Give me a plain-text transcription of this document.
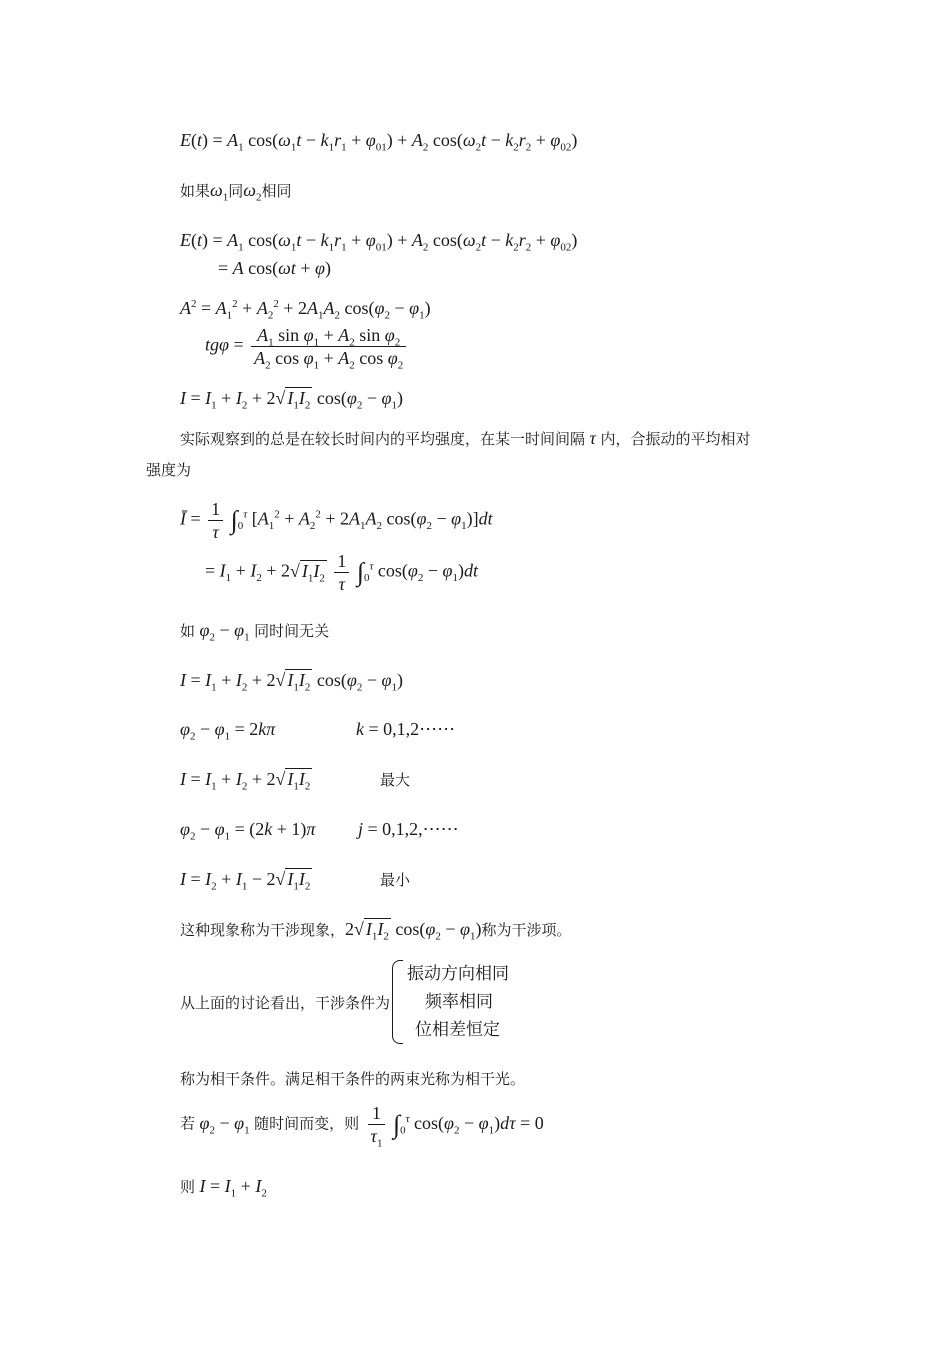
$E(t) = A_1$ $\cos(\omega_1t - k_1r_1 + \varphi_{01}) + A_2$ $\cos(\omega_2t - k_2r_2 + \varphi_{02})$
如果$\omega_1$同$\omega_2$相同
$E(t) = A_1$ $\cos(\omega_1t - k_1r_1 + \varphi_{01}) + A_2$ $\cos(\omega_2t - k_2r_2 + \varphi_{02})$
= A cos(ωt + φ)
$A^2 = A_1^2 + A_2^2 + 2A_1A_2$ $\cos(\varphi_2 - \varphi_1)$
$tg\varphi = \frac{A_1 \sin \varphi_1 + A_2 \sin \varphi_2}{A_2 \cos \varphi_1 + A_2 \cos \varphi_2}$
$I = I_1 + I_2 + 2√$ $I_1I_2$ $\cos(\varphi_2 - \varphi_1)$
实际观察到的总是在较长时间内的平均强度，在某一时间间隔 τ 内，合振动的平均相对
强度为
Ī = $\frac{1}{\tau} \int_0^\tau$ [$A_1^2 + A_2^2 + 2A_1A_2$ $\cos(\varphi_2 - \varphi_1)]dt$
= $I_1 + I_2 + 2√$ $I_1I_2 \frac{1}{\tau} \int_0^\tau$ $\cos(\varphi_2 - \varphi_1)dt$
如 $\varphi_2 - \varphi_1$ 同时间无关
$I = I_1 + I_2 + 2√$ $I_1I_2$ $\cos(\varphi_2 - \varphi_1)$
$\varphi_2 - \varphi_1 = 2k\pi$	k = 0,1,2⋯⋯
$I = I_1 + I_2 + 2√$ $I_1I_2$	最大
$\varphi_2 - \varphi_1 = (2k + 1)\pi$ j = 0,1,2,⋯⋯
$I = I_2 + I_1 - 2√$ $I_1I_2$	最小
这种现象称为干涉现象，2√ $I_1I_2$ $\cos(\varphi_2 - \varphi_1)$称为干涉项。
从上面的讨论看出，干涉条件为
振动方向相同
频率相同
位相差恒定
称为相干条件。满足相干条件的两束光称为相干光。
若 $\varphi_2 - \varphi_1$ 随时间而变，则 $\frac{1}{\tau_1} \int_0^\tau$ $\cos(\varphi_2 - \varphi_1)d\tau = 0$
则 $I = I_1 + I_2$
